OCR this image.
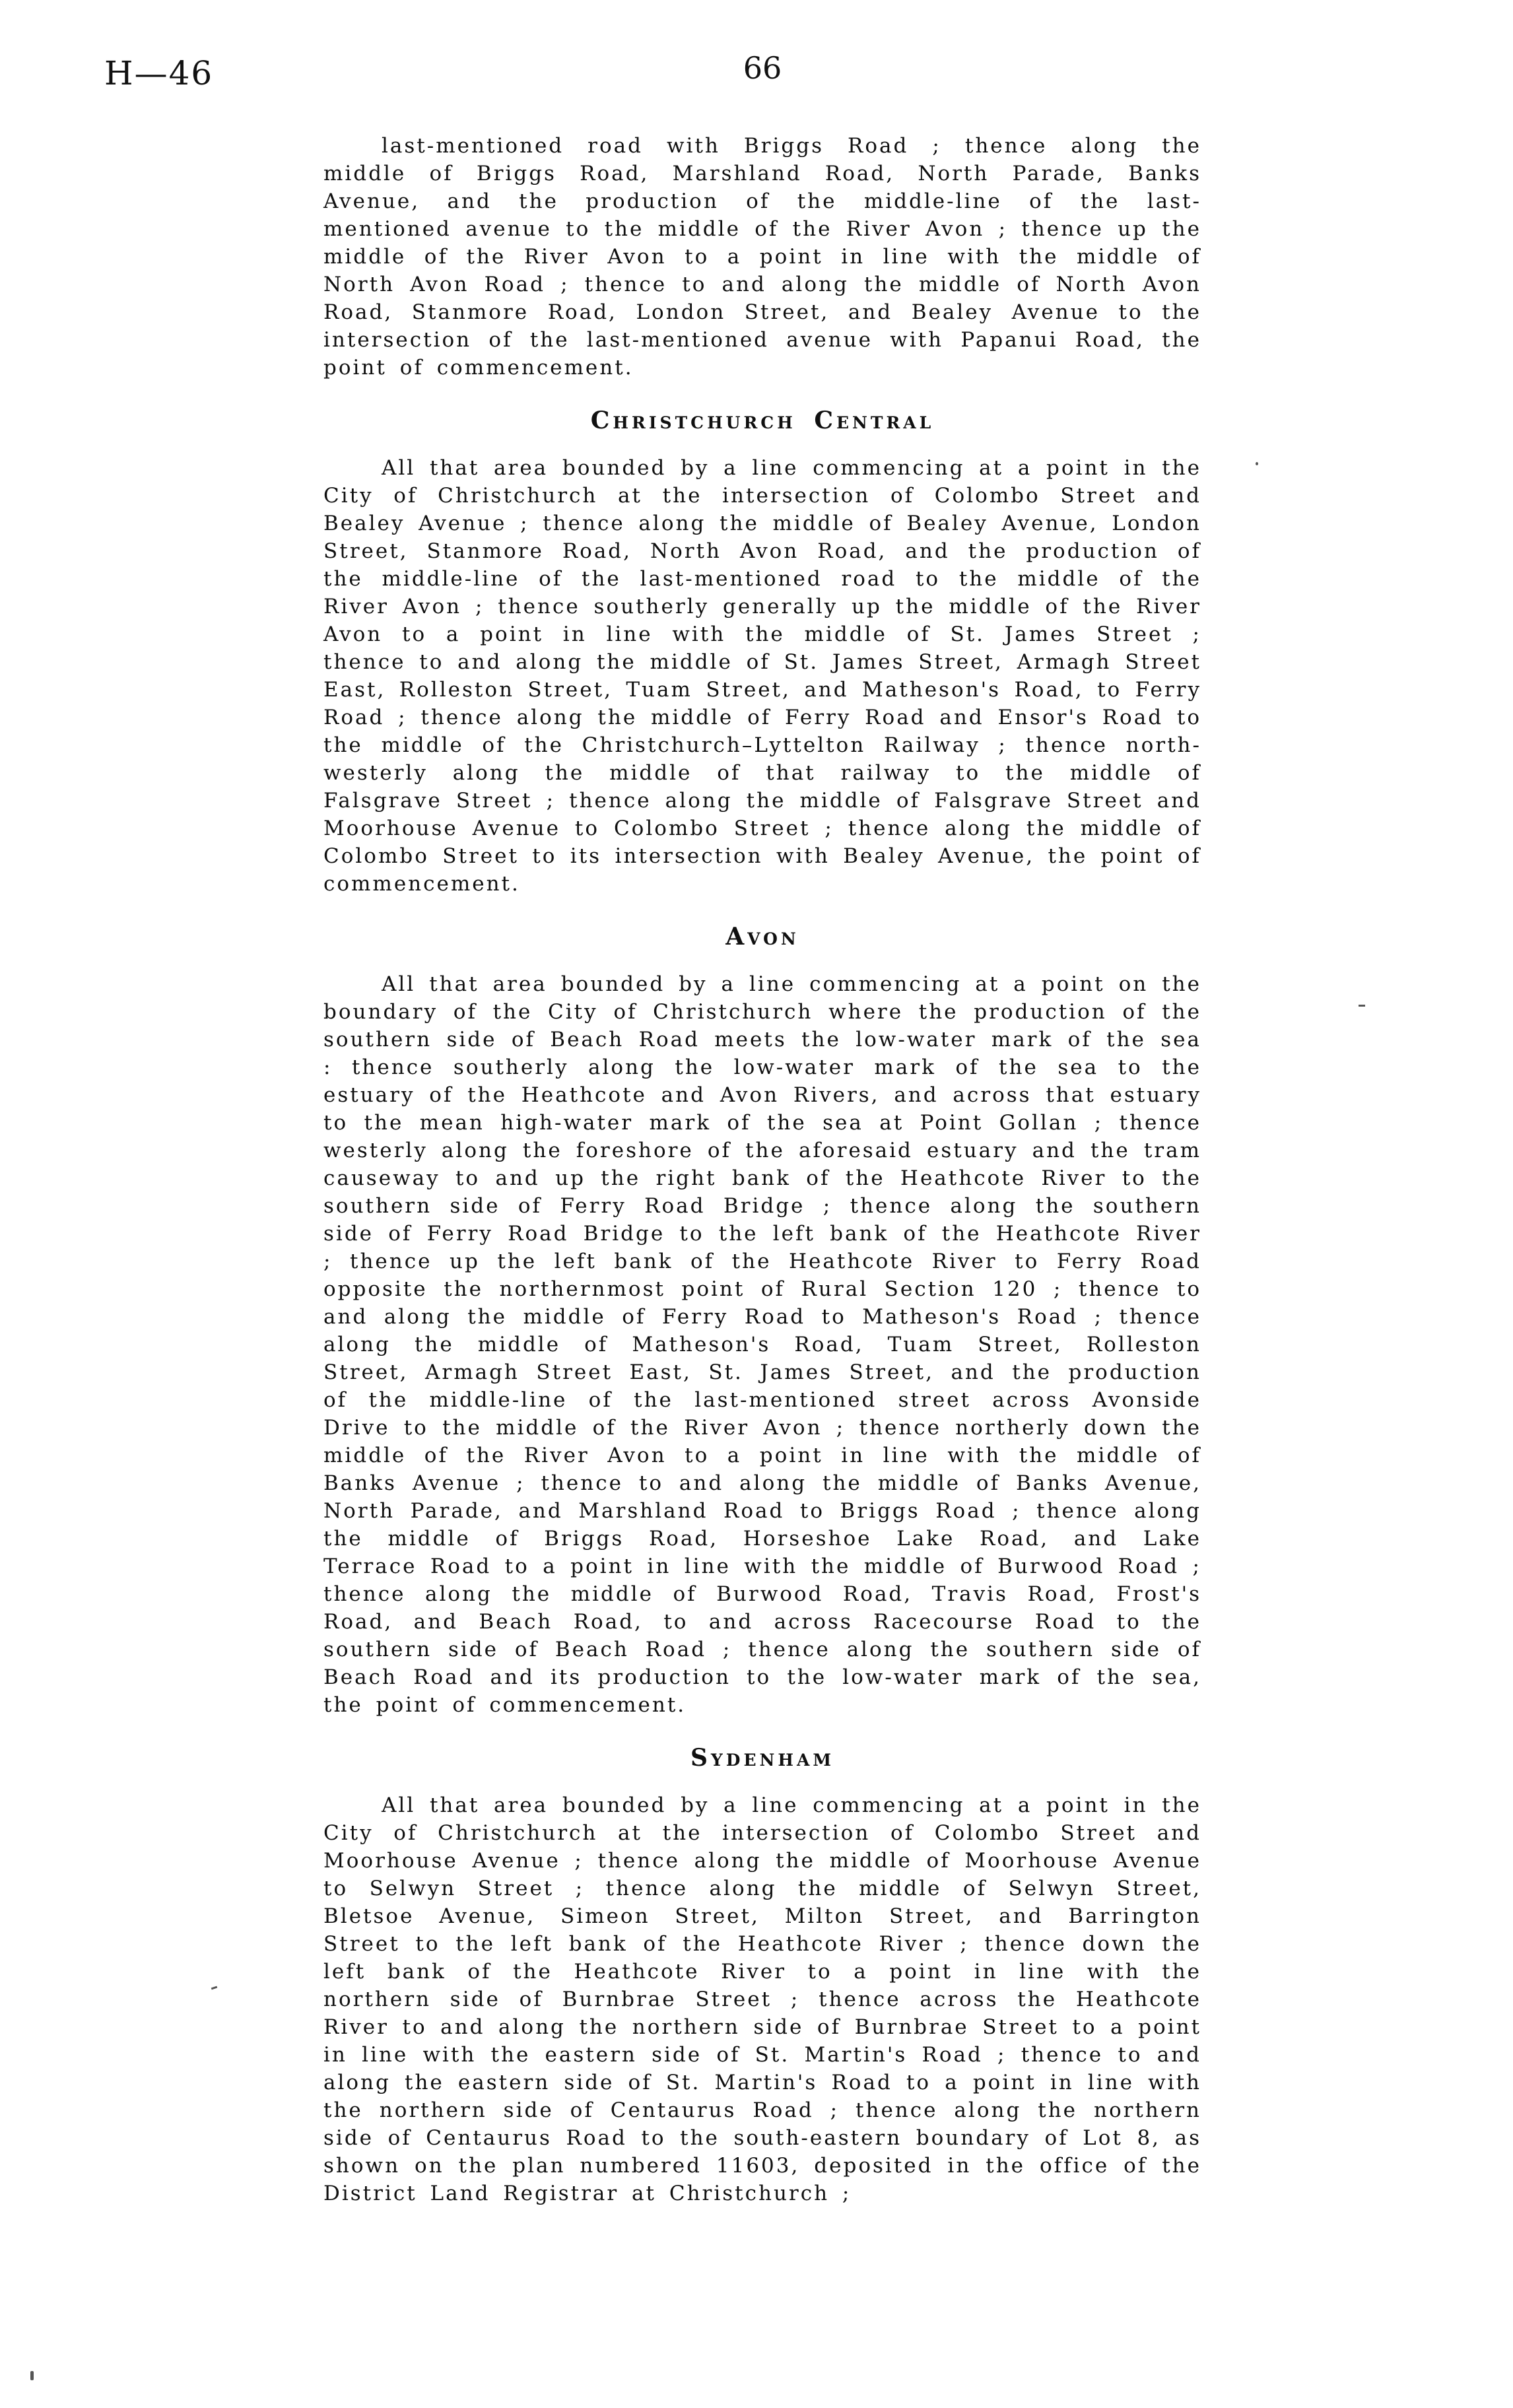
H—46	66

last-mentioned road with Briggs Road ; thence along the middle of Briggs Road, Marshland Road, North Parade, Banks Avenue, and the production of the middle-line of the last-mentioned avenue to the middle of the River Avon ; thence up the middle of the River Avon to a point in line with the middle of North Avon Road ; thence to and along the middle of North Avon Road, Stanmore Road, London Street, and Bealey Avenue to the intersection of the last-mentioned avenue with Papanui Road, the point of commencement.

Christchurch Central

All that area bounded by a line commencing at a point in the City of Christchurch at the intersection of Colombo Street and Bealey Avenue ; thence along the middle of Bealey Avenue, London Street, Stanmore Road, North Avon Road, and the production of the middle-line of the last-mentioned road to the middle of the River Avon ; thence southerly generally up the middle of the River Avon to a point in line with the middle of St. James Street ; thence to and along the middle of St. James Street, Armagh Street East, Rolleston Street, Tuam Street, and Matheson's Road, to Ferry Road ; thence along the middle of Ferry Road and Ensor's Road to the middle of the Christchurch–Lyttelton Railway ; thence north-westerly along the middle of that railway to the middle of Falsgrave Street ; thence along the middle of Falsgrave Street and Moorhouse Avenue to Colombo Street ; thence along the middle of Colombo Street to its intersection with Bealey Avenue, the point of commencement.

Avon

All that area bounded by a line commencing at a point on the boundary of the City of Christchurch where the production of the southern side of Beach Road meets the low-water mark of the sea : thence southerly along the low-water mark of the sea to the estuary of the Heathcote and Avon Rivers, and across that estuary to the mean high-water mark of the sea at Point Gollan ; thence westerly along the foreshore of the aforesaid estuary and the tram causeway to and up the right bank of the Heathcote River to the southern side of Ferry Road Bridge ; thence along the southern side of Ferry Road Bridge to the left bank of the Heathcote River ; thence up the left bank of the Heathcote River to Ferry Road opposite the northernmost point of Rural Section 120 ; thence to and along the middle of Ferry Road to Matheson's Road ; thence along the middle of Matheson's Road, Tuam Street, Rolleston Street, Armagh Street East, St. James Street, and the production of the middle-line of the last-mentioned street across Avonside Drive to the middle of the River Avon ; thence northerly down the middle of the River Avon to a point in line with the middle of Banks Avenue ; thence to and along the middle of Banks Avenue, North Parade, and Marshland Road to Briggs Road ; thence along the middle of Briggs Road, Horseshoe Lake Road, and Lake Terrace Road to a point in line with the middle of Burwood Road ; thence along the middle of Burwood Road, Travis Road, Frost's Road, and Beach Road, to and across Racecourse Road to the southern side of Beach Road ; thence along the southern side of Beach Road and its production to the low-water mark of the sea, the point of commencement.

Sydenham

All that area bounded by a line commencing at a point in the City of Christchurch at the intersection of Colombo Street and Moorhouse Avenue ; thence along the middle of Moorhouse Avenue to Selwyn Street ; thence along the middle of Selwyn Street, Bletsoe Avenue, Simeon Street, Milton Street, and Barrington Street to the left bank of the Heathcote River ; thence down the left bank of the Heathcote River to a point in line with the northern side of Burnbrae Street ; thence across the Heathcote River to and along the northern side of Burnbrae Street to a point in line with the eastern side of St. Martin's Road ; thence to and along the eastern side of St. Martin's Road to a point in line with the northern side of Centaurus Road ; thence along the northern side of Centaurus Road to the south-eastern boundary of Lot 8, as shown on the plan numbered 11603, deposited in the office of the District Land Registrar at Christchurch ;
